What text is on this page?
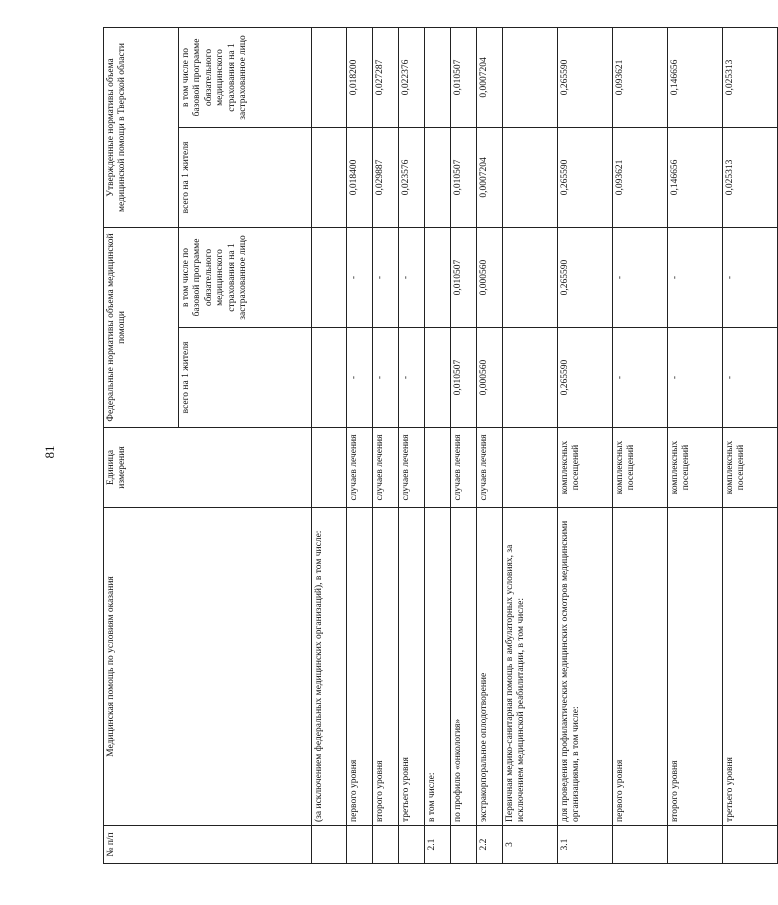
81
№ п/п	Медицинская помощь по условиям оказания	Единица измерения	Федеральные нормативы объема медицинской помощи		Утвержденные нормативы объема медицинской помощи в Тверской области	
			всего на 1 жителя	в том числе по базовой программе обязательного медицинского страхования на 1 застрахованное лицо	всего на 1 жителя	в том числе по базовой программе обязательного медицинского страхования на 1 застрахованное лицо
	(за исключением федеральных медицинских организаций), в том числе:					
	первого уровня	случаев лечения	-	-	0,018400	0,018200
	второго уровня	случаев лечения	-	-	0,029887	0,027287
	третьего уровня	случаев лечения	-	-	0,023576	0,022376
2.1	в том числе:					
	по профилю «онкология»	случаев лечения	0,010507	0,010507	0,010507	0,010507
2.2	экстракорпоральное оплодотворение	случаев лечения	0,000560	0,000560	0,0007204	0,0007204
3	Первичная медико-санитарная помощь в амбулаторных условиях, за исключением медицинской реабилитации, в том числе:					
3.1	для проведения профилактических медицинских осмотров медицинскими организациями, в том числе:	комплексных посещений	0,265590	0,265590	0,265590	0,265590
	первого уровня	комплексных посещений	-	-	0,093621	0,093621
	второго уровня	комплексных посещений	-	-	0,146656	0,146656
	третьего уровня	комплексных посещений	-	-	0,025313	0,025313
